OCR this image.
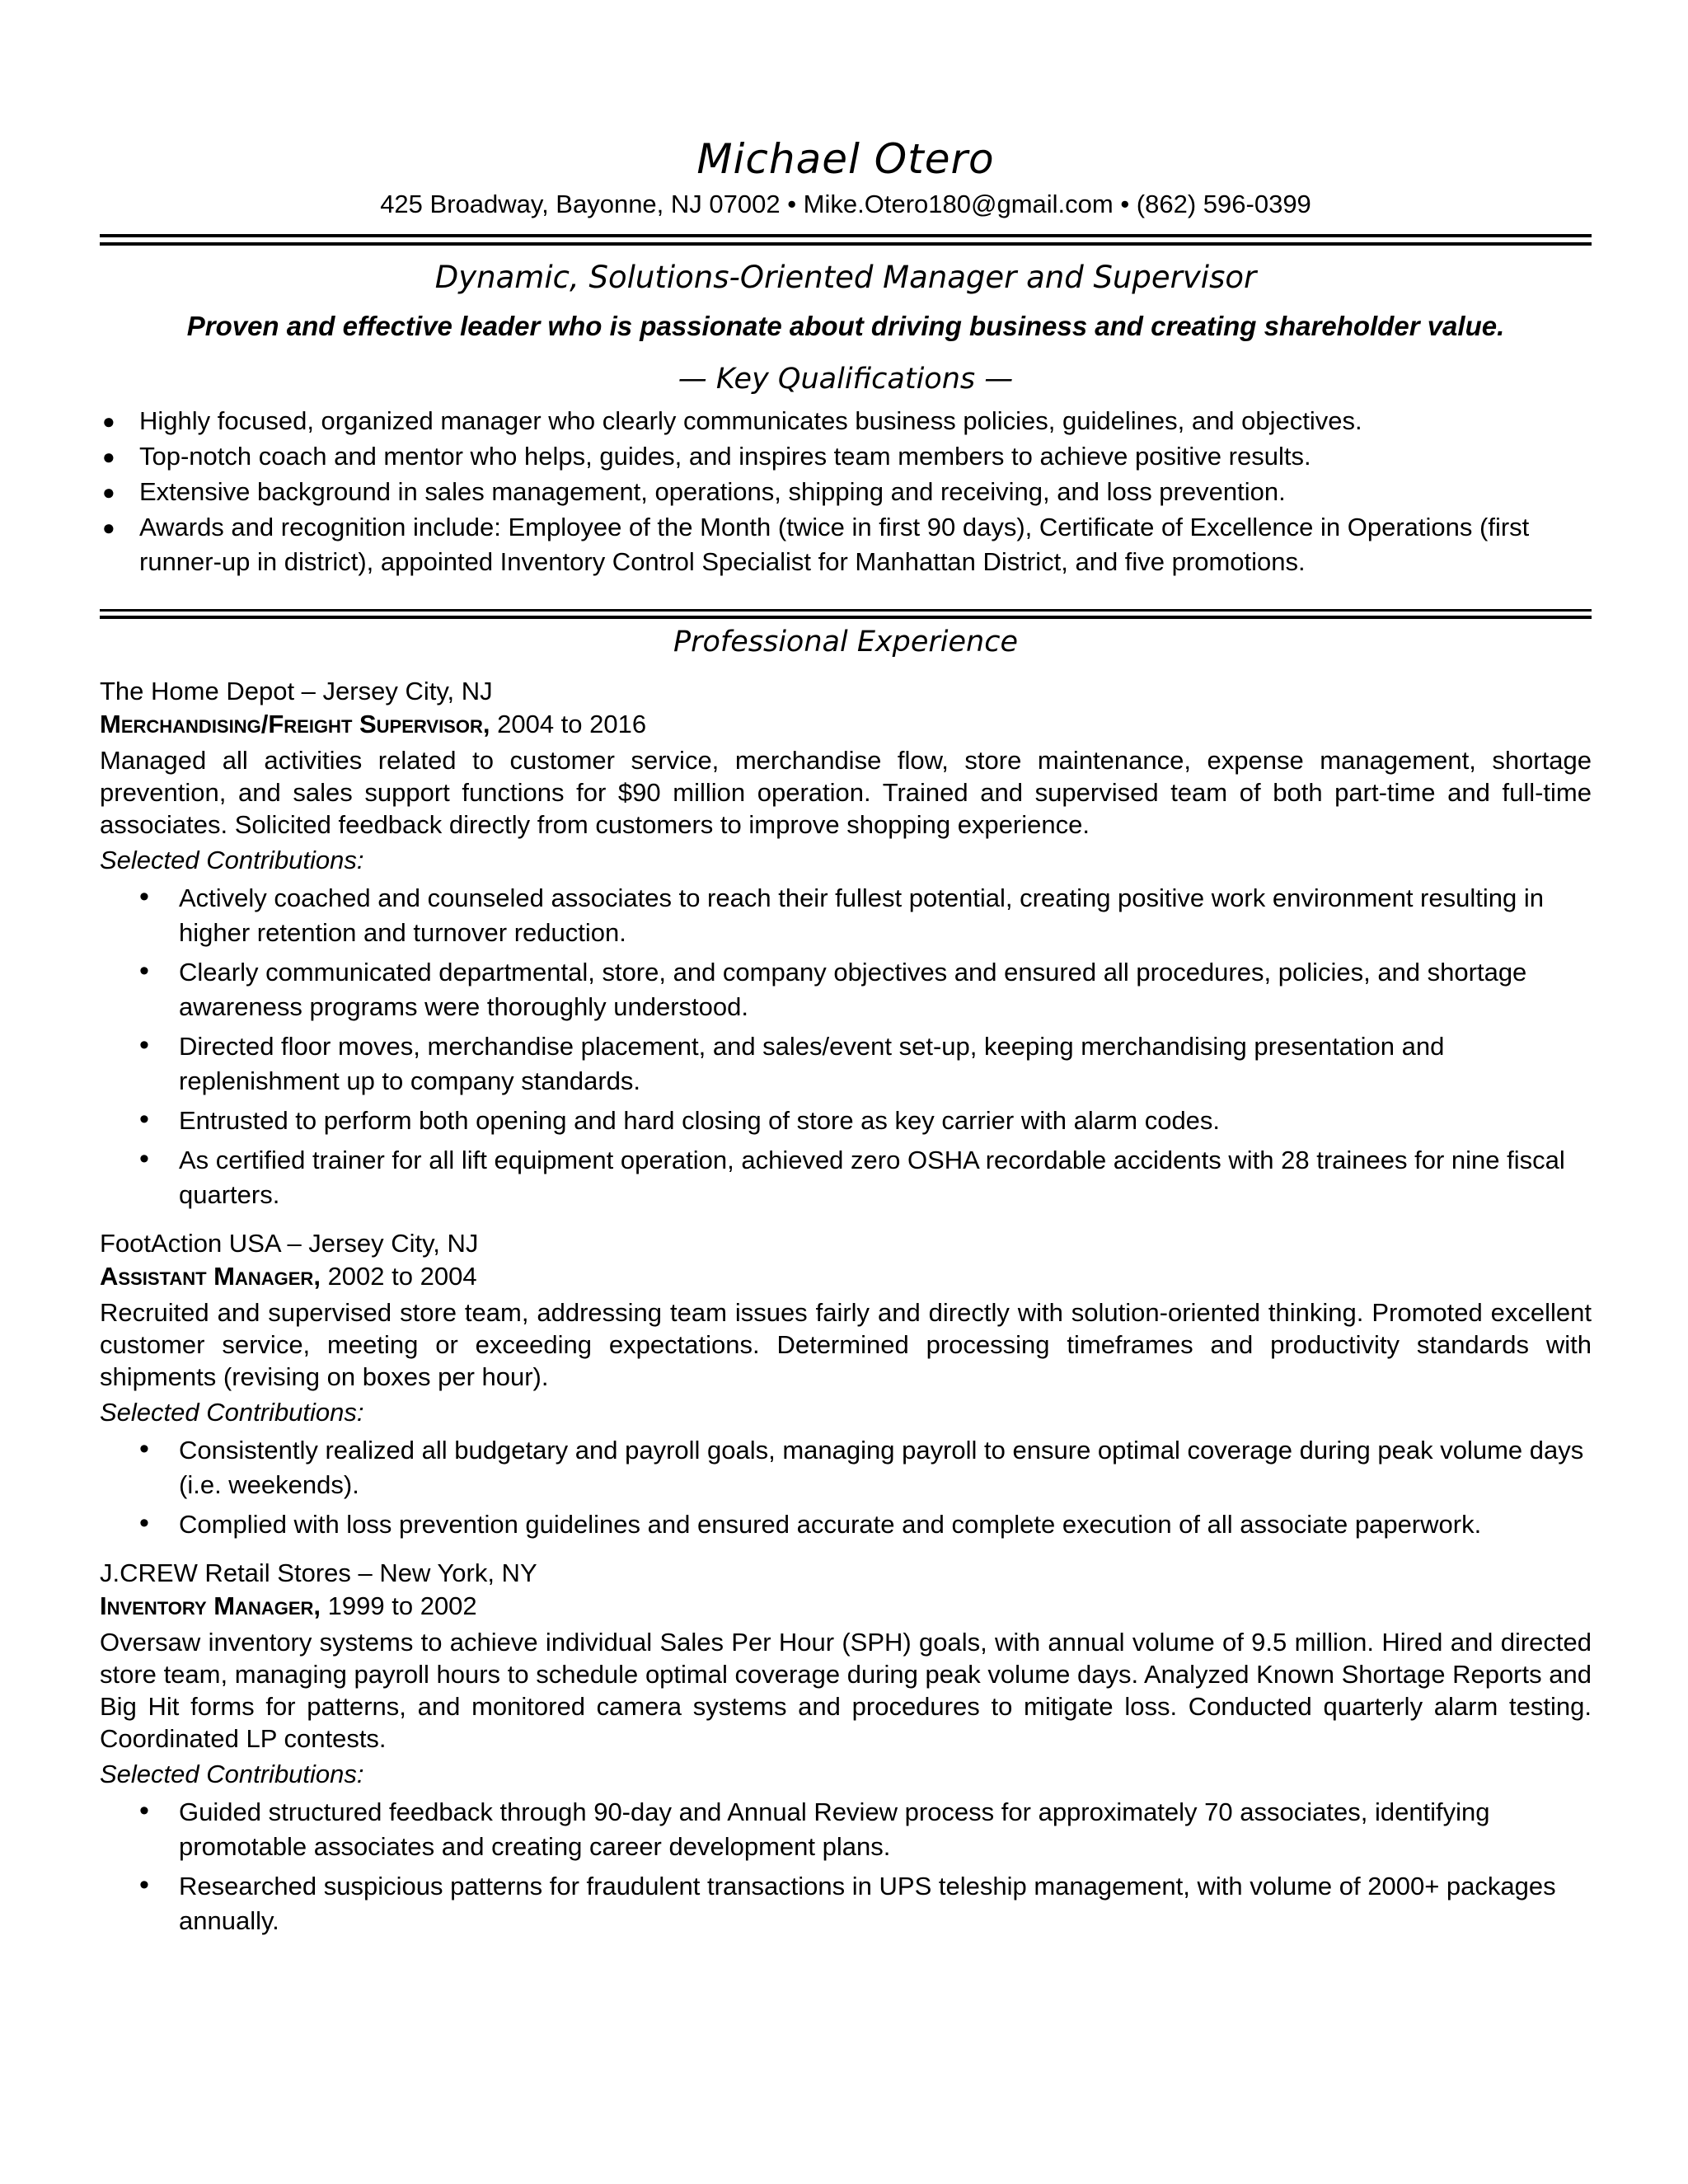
Michael Otero
425 Broadway, Bayonne, NJ 07002 • Mike.Otero180@gmail.com • (862) 596-0399
Dynamic, Solutions-Oriented Manager and Supervisor
Proven and effective leader who is passionate about driving business and creating shareholder value.
— Key Qualifications —
● Highly focused, organized manager who clearly communicates business policies, guidelines, and objectives.
● Top-notch coach and mentor who helps, guides, and inspires team members to achieve positive results.
● Extensive background in sales management, operations, shipping and receiving, and loss prevention.
● Awards and recognition include: Employee of the Month (twice in first 90 days), Certificate of Excellence in Operations (first runner-up in district), appointed Inventory Control Specialist for Manhattan District, and five promotions.
Professional Experience
The Home Depot – Jersey City, NJ
Merchandising/Freight Supervisor, 2004 to 2016
Managed all activities related to customer service, merchandise flow, store maintenance, expense management, shortage prevention, and sales support functions for $90 million operation. Trained and supervised team of both part-time and full-time associates. Solicited feedback directly from customers to improve shopping experience.
Selected Contributions:
• Actively coached and counseled associates to reach their fullest potential, creating positive work environment resulting in higher retention and turnover reduction.
• Clearly communicated departmental, store, and company objectives and ensured all procedures, policies, and shortage awareness programs were thoroughly understood.
• Directed floor moves, merchandise placement, and sales/event set-up, keeping merchandising presentation and replenishment up to company standards.
• Entrusted to perform both opening and hard closing of store as key carrier with alarm codes.
• As certified trainer for all lift equipment operation, achieved zero OSHA recordable accidents with 28 trainees for nine fiscal quarters.
FootAction USA – Jersey City, NJ
Assistant Manager, 2002 to 2004
Recruited and supervised store team, addressing team issues fairly and directly with solution-oriented thinking. Promoted excellent customer service, meeting or exceeding expectations. Determined processing timeframes and productivity standards with shipments (revising on boxes per hour).
Selected Contributions:
• Consistently realized all budgetary and payroll goals, managing payroll to ensure optimal coverage during peak volume days (i.e. weekends).
• Complied with loss prevention guidelines and ensured accurate and complete execution of all associate paperwork.
J.CREW Retail Stores – New York, NY
Inventory Manager, 1999 to 2002
Oversaw inventory systems to achieve individual Sales Per Hour (SPH) goals, with annual volume of 9.5 million. Hired and directed store team, managing payroll hours to schedule optimal coverage during peak volume days. Analyzed Known Shortage Reports and Big Hit forms for patterns, and monitored camera systems and procedures to mitigate loss. Conducted quarterly alarm testing. Coordinated LP contests.
Selected Contributions:
• Guided structured feedback through 90-day and Annual Review process for approximately 70 associates, identifying promotable associates and creating career development plans.
• Researched suspicious patterns for fraudulent transactions in UPS teleship management, with volume of 2000+ packages annually.
